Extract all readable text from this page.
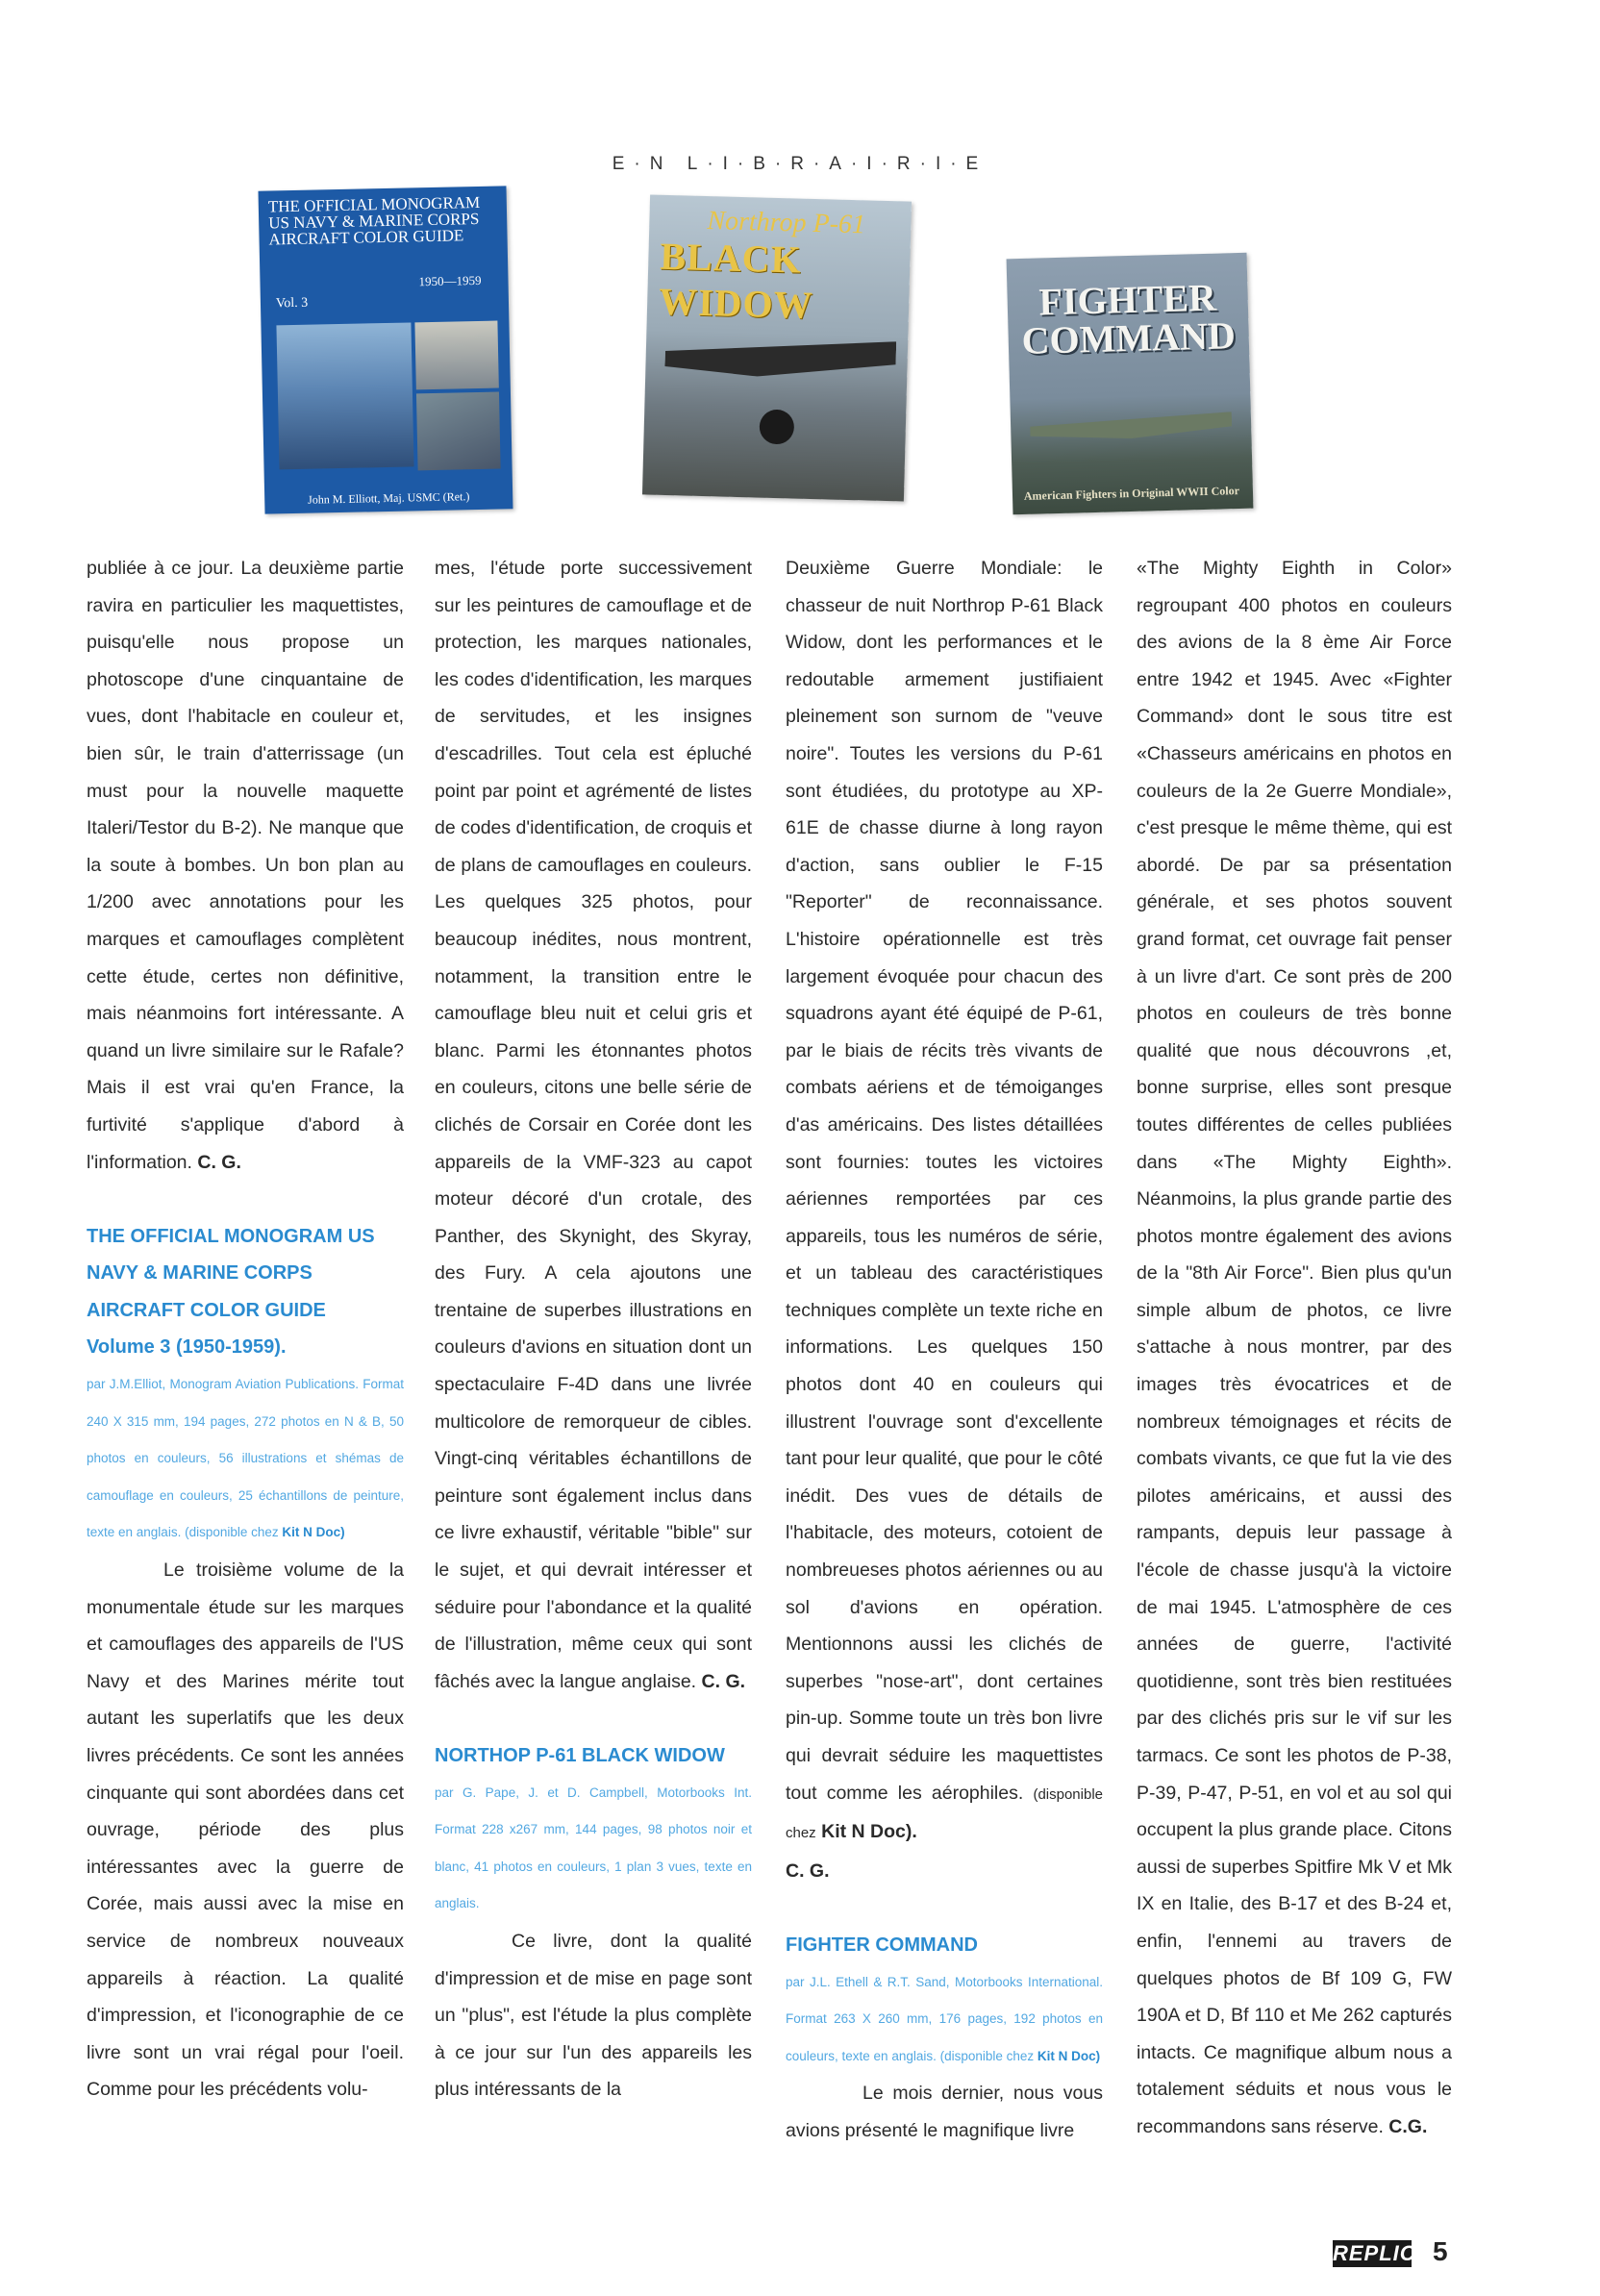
E·N L·I·B·R·A·I·R·I·E
THE OFFICIAL MONOGRAM US NAVY & MARINE CORPS AIRCRAFT COLOR GUIDE
1950—1959
Vol. 3
John M. Elliott, Maj. USMC (Ret.)
Northrop P-61
BLACK WIDOW	FIGHTER COMMAND
American Fighters in Original WWII Color

publiée à ce jour. La deuxième partie ravira en particulier les maquettistes, puisqu'elle nous propose un photoscope d'une cinquantaine de vues, dont l'habitacle en couleur et, bien sûr, le train d'atterrissage (un must pour la nouvelle maquette Italeri/Testor du B-2). Ne manque que la soute à bombes. Un bon plan au 1/200 avec annotations pour les marques et camouflages complètent cette étude, certes non définitive, mais néanmoins fort intéressante. A quand un livre similaire sur le Rafale? Mais il est vrai qu'en France, la furtivité s'applique d'abord à l'information. C. G.

THE OFFICIAL MONOGRAM US NAVY & MARINE CORPS AIRCRAFT COLOR GUIDE
Volume 3 (1950-1959).
par J.M.Elliot, Monogram Aviation Publications. Format 240 X 315 mm, 194 pages, 272 photos en N & B, 50 photos en couleurs, 56 illustrations et shémas de camouflage en couleurs, 25 échantillons de peinture, texte en anglais. (disponible chez Kit N Doc)

Le troisième volume de la monumentale étude sur les marques et camouflages des appareils de l'US Navy et des Marines mérite tout autant les superlatifs que les deux livres précédents. Ce sont les années cinquante qui sont abordées dans cet ouvrage, période des plus intéressantes avec la guerre de Corée, mais aussi avec la mise en service de nombreux nouveaux appareils à réaction. La qualité d'impression, et l'iconographie de ce livre sont un vrai régal pour l'oeil. Comme pour les précédents volu-

mes, l'étude porte successivement sur les peintures de camouflage et de protection, les marques nationales, les codes d'identification, les marques de servitudes, et les insignes d'escadrilles. Tout cela est épluché point par point et agrémenté de listes de codes d'identification, de croquis et de plans de camouflages en couleurs. Les quelques 325 photos, pour beaucoup inédites, nous montrent, notamment, la transition entre le camouflage bleu nuit et celui gris et blanc. Parmi les étonnantes photos en couleurs, citons une belle série de clichés de Corsair en Corée dont les appareils de la VMF-323 au capot moteur décoré d'un crotale, des Panther, des Skynight, des Skyray, des Fury. A cela ajoutons une trentaine de superbes illustrations en couleurs d'avions en situation dont un spectaculaire F-4D dans une livrée multicolore de remorqueur de cibles. Vingt-cinq véritables échantillons de peinture sont également inclus dans ce livre exhaustif, véritable "bible" sur le sujet, et qui devrait intéresser et séduire pour l'abondance et la qualité de l'illustration, même ceux qui sont fâchés avec la langue anglaise. C. G.

NORTHOP P-61 BLACK WIDOW
par G. Pape, J. et D. Campbell, Motorbooks Int. Format 228 x267 mm, 144 pages, 98 photos noir et blanc, 41 photos en couleurs, 1 plan 3 vues, texte en anglais.

Ce livre, dont la qualité d'impression et de mise en page sont un "plus", est l'étude la plus complète à ce jour sur l'un des appareils les plus intéressants de la

Deuxième Guerre Mondiale: le chasseur de nuit Northrop P-61 Black Widow, dont les performances et le redoutable armement justifiaient pleinement son surnom de "veuve noire". Toutes les versions du P-61 sont étudiées, du prototype au XP-61E de chasse diurne à long rayon d'action, sans oublier le F-15 "Reporter" de reconnaissance. L'histoire opérationnelle est très largement évoquée pour chacun des squadrons ayant été équipé de P-61, par le biais de récits très vivants de combats aériens et de témoiganges d'as américains. Des listes détaillées sont fournies: toutes les victoires aériennes remportées par ces appareils, tous les numéros de série, et un tableau des caractéristiques techniques complète un texte riche en informations. Les quelques 150 photos dont 40 en couleurs qui illustrent l'ouvrage sont d'excellente tant pour leur qualité, que pour le côté inédit. Des vues de détails de l'habitacle, des moteurs, cotoient de nombreueses photos aériennes ou au sol d'avions en opération. Mentionnons aussi les clichés de superbes "nose-art", dont certaines pin-up. Somme toute un très bon livre qui devrait séduire les maquettistes tout comme les aérophiles. (disponible chez Kit N Doc).
C. G.

FIGHTER COMMAND
par J.L. Ethell & R.T. Sand, Motorbooks International. Format 263 X 260 mm, 176 pages, 192 photos en couleurs, texte en anglais. (disponible chez Kit N Doc)

Le mois dernier, nous vous avions présenté le magnifique livre

«The Mighty Eighth in Color» regroupant 400 photos en couleurs des avions de la 8 ème Air Force entre 1942 et 1945. Avec «Fighter Command» dont le sous titre est «Chasseurs américains en photos en couleurs de la 2e Guerre Mondiale», c'est presque le même thème, qui est abordé. De par sa présentation générale, et ses photos souvent grand format, cet ouvrage fait penser à un livre d'art. Ce sont près de 200 photos en couleurs de très bonne qualité que nous découvrons ,et, bonne surprise, elles sont presque toutes différentes de celles publiées dans «The Mighty Eighth». Néanmoins, la plus grande partie des photos montre également des avions de la "8th Air Force". Bien plus qu'un simple album de photos, ce livre s'attache à nous montrer, par des images très évocatrices et de nombreux témoignages et récits de combats vivants, ce que fut la vie des pilotes américains, et aussi des rampants, depuis leur passage à l'école de chasse jusqu'à la victoire de mai 1945. L'atmosphère de ces années de guerre, l'activité quotidienne, sont très bien restituées par des clichés pris sur le vif sur les tarmacs. Ce sont les photos de P-38, P-39, P-47, P-51, en vol et au sol qui occupent la plus grande place. Citons aussi de superbes Spitfire Mk V et Mk IX en Italie, des B-17 et des B-24 et, enfin, l'ennemi au travers de quelques photos de Bf 109 G, FW 190A et D, Bf 110 et Me 262 capturés intacts. Ce magnifique album nous a totalement séduits et nous vous le recommandons sans réserve. C.G.

REPLIC 5
